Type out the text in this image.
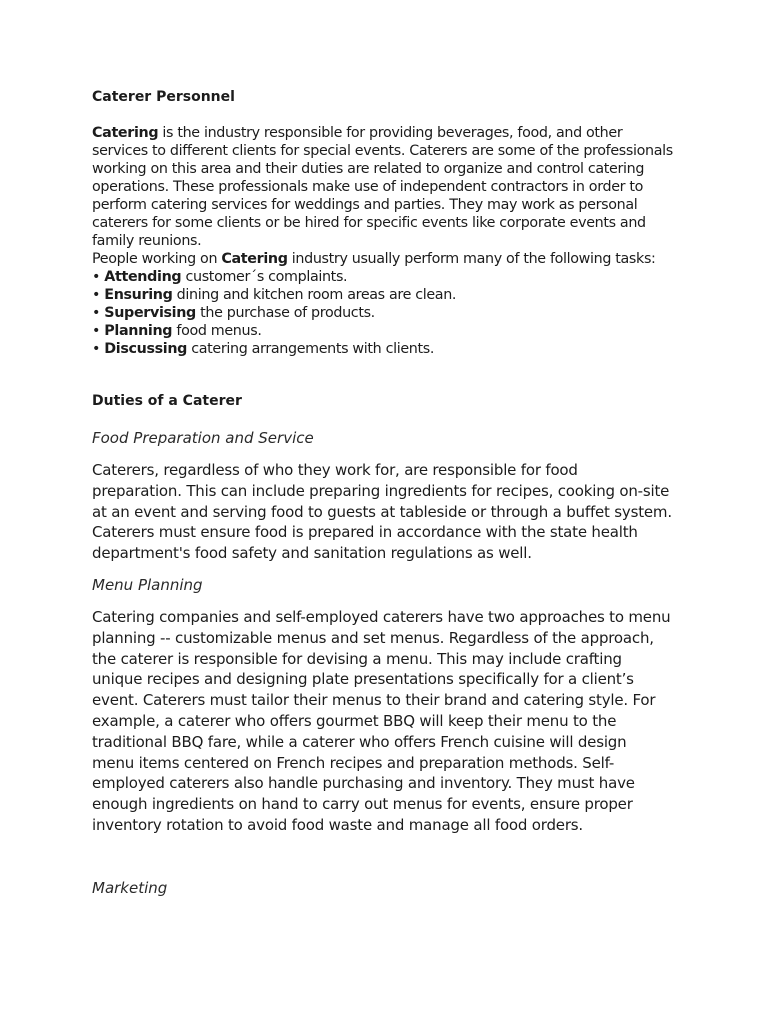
Caterer Personnel

Catering is the industry responsible for providing beverages, food, and other services to different clients for special events. Caterers are some of the professionals working on this area and their duties are related to organize and control catering operations. These professionals make use of independent contractors in order to perform catering services for weddings and parties. They may work as personal caterers for some clients or be hired for specific events like corporate events and family reunions.

People working on Catering industry usually perform many of the following tasks:

• Attending customer´s complaints.
• Ensuring dining and kitchen room areas are clean.
• Supervising the purchase of products.
• Planning food menus.
• Discussing catering arrangements with clients.
Duties of a Caterer
Food Preparation and Service
Caterers, regardless of who they work for, are responsible for food preparation. This can include preparing ingredients for recipes, cooking on-site at an event and serving food to guests at tableside or through a buffet system. Caterers must ensure food is prepared in accordance with the state health department's food safety and sanitation regulations as well.
Menu Planning
Catering companies and self-employed caterers have two approaches to menu planning -- customizable menus and set menus. Regardless of the approach, the caterer is responsible for devising a menu. This may include crafting unique recipes and designing plate presentations specifically for a client’s event. Caterers must tailor their menus to their brand and catering style. For example, a caterer who offers gourmet BBQ will keep their menu to the traditional BBQ fare, while a caterer who offers French cuisine will design menu items centered on French recipes and preparation methods. Self-employed caterers also handle purchasing and inventory. They must have enough ingredients on hand to carry out menus for events, ensure proper inventory rotation to avoid food waste and manage all food orders.
Marketing
